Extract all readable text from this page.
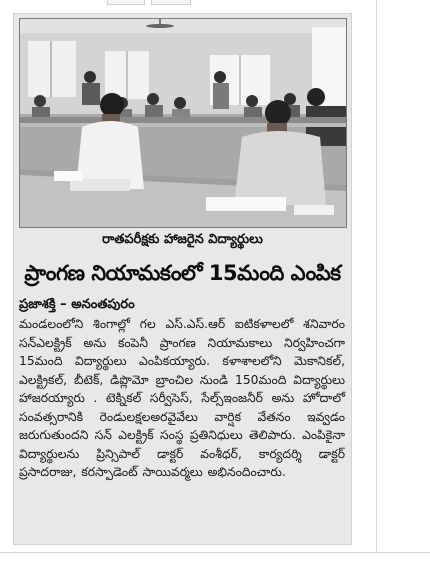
రాతపరీక్షకు హాజరైన విద్యార్థులు
ప్రాంగణ నియామకంలో 15మంది ఎంపిక
ప్రజాశక్తి – అనంతపురం
మండలంలోని శింగాల్లో గల ఎస్.ఎస్.ఆర్ ఐటికళాలలో శనివారం సన్ఎలక్ట్రిక్ అను కంపెనీ ప్రాంగణ నియామకాలు నిర్వహించగా 15మంది విద్యార్థులు ఎంపికయ్యారు. కళాశాలలోని మెకానికల్, ఎలక్ట్రికల్, బీటెక్, డిప్లొమో బ్రాంచిల నుండి 150మంది విద్యార్థులు హాజరయ్యారు . టెక్నికల్ సర్వీసెస్, సేల్స్ఇంజనీర్ అను హోదాలో సంవత్సరానికి రెండులక్షలఅరవైవేలు వార్షిక వేతనం ఇవ్వడం జరుగుతుందని సన్ ఎలక్ట్రిక్ సంస్థ ప్రతినిధులు తెలిపారు. ఎంపికైనా విద్యార్థులను ప్రిన్సిపాల్ డాక్టర్ వంశీధర్, కార్యదర్శి డాక్టర్ ప్రసాదరాజు, కరస్పాడెంట్ సాయివర్మలు అభినందించారు.
